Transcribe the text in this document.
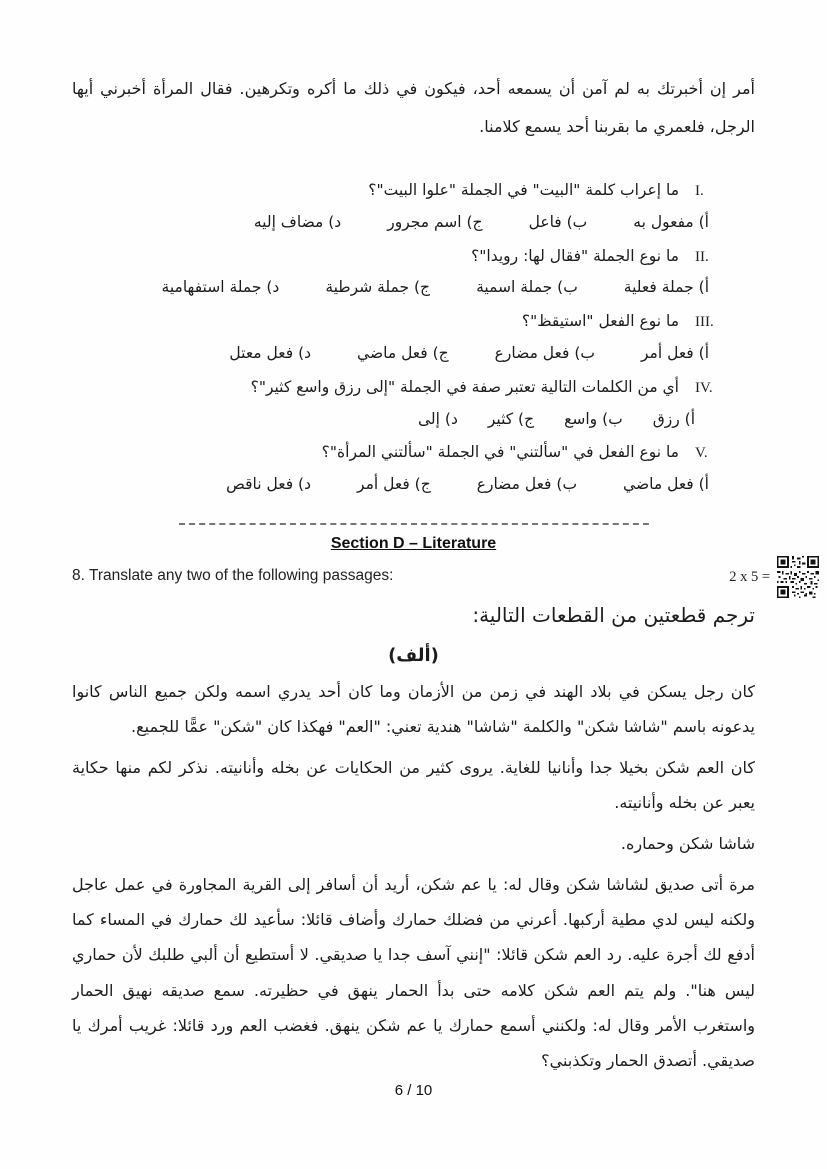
أمر إن أخبرتك به لم آمن أن يسمعه أحد، فيكون في ذلك ما أكره وتكرهين. فقال المرأة أخبرني أيها الرجل، فلعمري ما بقربنا أحد يسمع كلامنا.

I.
ما إعراب كلمة "البيت" في الجملة "علوا البيت"؟
أ) مفعول به
ب) فاعل
ج) اسم مجرور
د) مضاف إليه
II.
ما نوع الجملة "فقال لها: رويدا"؟
أ) جملة فعلية
ب) جملة اسمية
ج) جملة شرطية
د) جملة استفهامية
III.
ما نوع الفعل "استيقظ"؟
أ) فعل أمر
ب) فعل مضارع
ج) فعل ماضي
د) فعل معتل
IV.
أي من الكلمات التالية تعتبر صفة في الجملة "إلى رزق واسع كثير"؟
أ) رزق
ب) واسع
ج) كثير
د) إلى
V.
ما نوع الفعل في "سألتني" في الجملة "سألتني المرأة"؟
أ) فعل ماضي
ب) فعل مضارع
ج) فعل أمر
د) فعل ناقص
Section D – Literature
8. Translate any two of the following passages:
ترجم قطعتين من القطعات التالية:
(ألف)

كان رجل يسكن في بلاد الهند في زمن من الأزمان وما كان أحد يدري اسمه ولكن جميع الناس كانوا يدعونه باسم "شاشا شكن" والكلمة "شاشا" هندية تعني: "العم" فهكذا كان "شكن" عمًّا للجميع.

كان العم شكن بخيلا جدا وأنانيا للغاية. يروى كثير من الحكايات عن بخله وأنانيته. نذكر لكم منها حكاية يعبر عن بخله وأنانيته.

شاشا شكن وحماره.

مرة أتى صديق لشاشا شكن وقال له: يا عم شكن، أريد أن أسافر إلى القرية المجاورة في عمل عاجل ولكنه ليس لدي مطية أركبها. أعرني من فضلك حمارك وأضاف قائلا: سأعيد لك حمارك في المساء كما أدفع لك أجرة عليه. رد العم شكن قائلا: "إنني آسف جدا يا صديقي. لا أستطيع أن ألبي طلبك لأن حماري ليس هنا". ولم يتم العم شكن كلامه حتى بدأ الحمار ينهق في حظيرته. سمع صديقه نهيق الحمار واستغرب الأمر وقال له: ولكنني أسمع حمارك يا عم شكن ينهق. فغضب العم ورد قائلا: غريب أمرك يا صديقي. أتصدق الحمار وتكذبني؟

2 x 5 =
6 / 10
